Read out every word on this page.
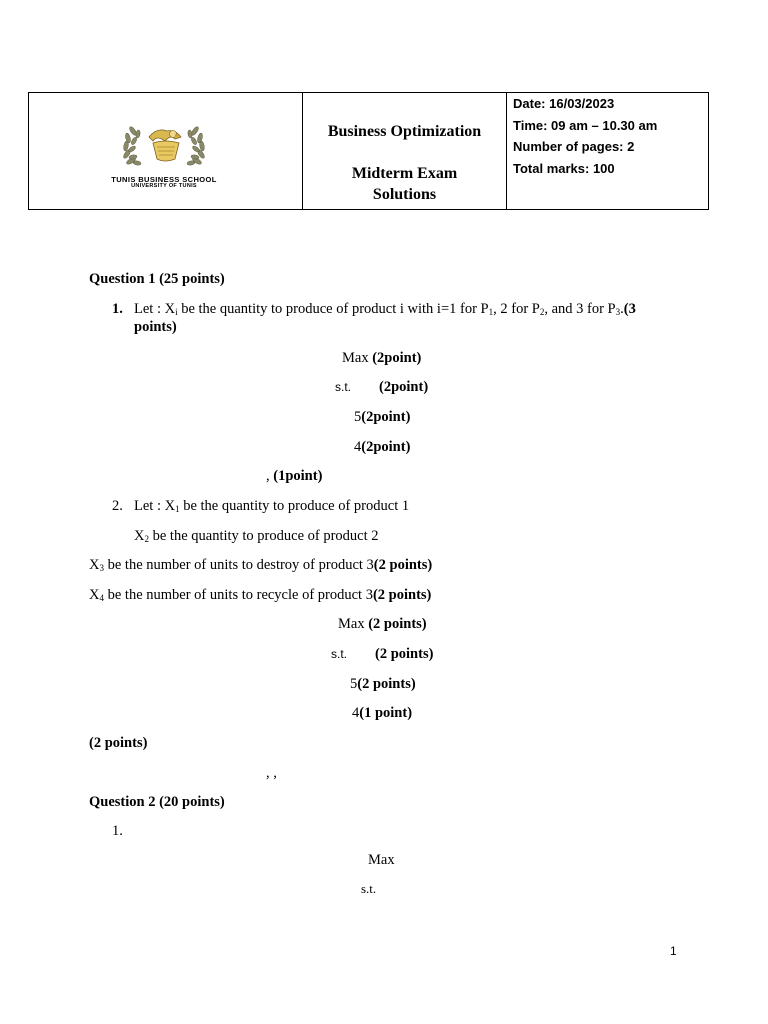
TUNIS BUSINESS SCHOOL
UNIVERSITY OF TUNIS
Business Optimization
Midterm Exam
Solutions
Date: 16/03/2023
Time: 09 am – 10.30 am
Number of pages: 2
Total marks: 100
Question 1 (25 points)
1. Let : $X_i$ be the quantity to produce of product i with i=1 for $P_1$, 2 for $P_2$, and 3 for $P_3.(3$ points)
Max (2point)
s.t. (2point)
5(2point)
4(2point)
, (1point)
2. Let : $X_1$ be the quantity to produce of product 1
$X_2$ be the quantity to produce of product 2
$X_3$ be the number of units to destroy of product 3(2 points)
$X_4$ be the number of units to recycle of product 3(2 points)
Max (2 points)
s.t. (2 points)
5(2 points)
4(1 point)
(2 points)
, ,
Question 2 (20 points)
1.
Max
s.t.
1
